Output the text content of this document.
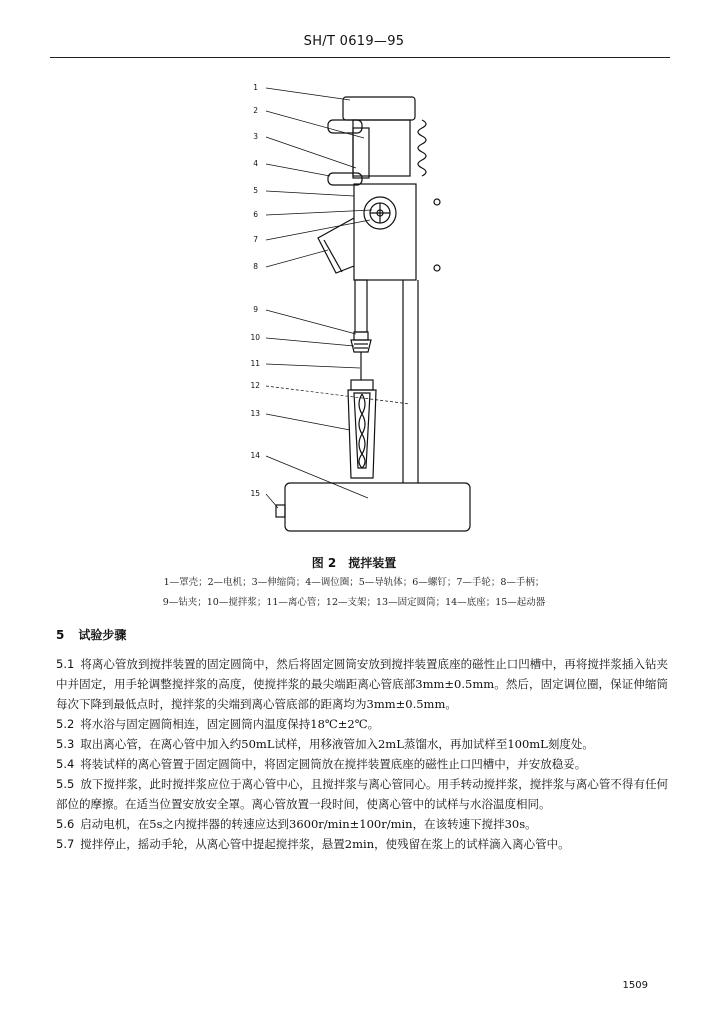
SH/T 0619—95
1
2
3
4
5
6
7
8
9
10
11
12
13
14
15
图 2　搅拌装置
1—罩壳；2—电机；3—伸缩筒；4—调位圈；5—导轨体；6—螺钉；7—手轮；8—手柄；
9—钻夹；10—搅拌浆；11—离心管；12—支架；13—固定圆筒；14—底座；15—起动器
5 试验步骤

5.1 将离心管放到搅拌装置的固定圆筒中，然后将固定圆筒安放到搅拌装置底座的磁性止口凹槽中，再将搅拌浆插入钻夹中并固定，用手轮调整搅拌浆的高度，使搅拌浆的最尖端距离心管底部3mm±0.5mm。然后，固定调位圈，保证伸缩筒每次下降到最低点时，搅拌浆的尖端到离心管底部的距离均为3mm±0.5mm。

5.2 将水浴与固定圆筒相连，固定圆筒内温度保持18℃±2℃。

5.3 取出离心管，在离心管中加入约50mL试样，用移液管加入2mL蒸馏水，再加试样至100mL刻度处。

5.4 将装试样的离心管置于固定圆筒中，将固定圆筒放在搅拌装置底座的磁性止口凹槽中，并安放稳妥。

5.5 放下搅拌浆，此时搅拌浆应位于离心管中心，且搅拌浆与离心管同心。用手转动搅拌浆，搅拌浆与离心管不得有任何部位的摩擦。在适当位置安放安全罩。离心管放置一段时间，使离心管中的试样与水浴温度相同。

5.6 启动电机，在5s之内搅拌器的转速应达到3600r/min±100r/min，在该转速下搅拌30s。

5.7 搅拌停止，摇动手轮，从离心管中提起搅拌浆，悬置2min，使残留在浆上的试样滴入离心管中。

1509
